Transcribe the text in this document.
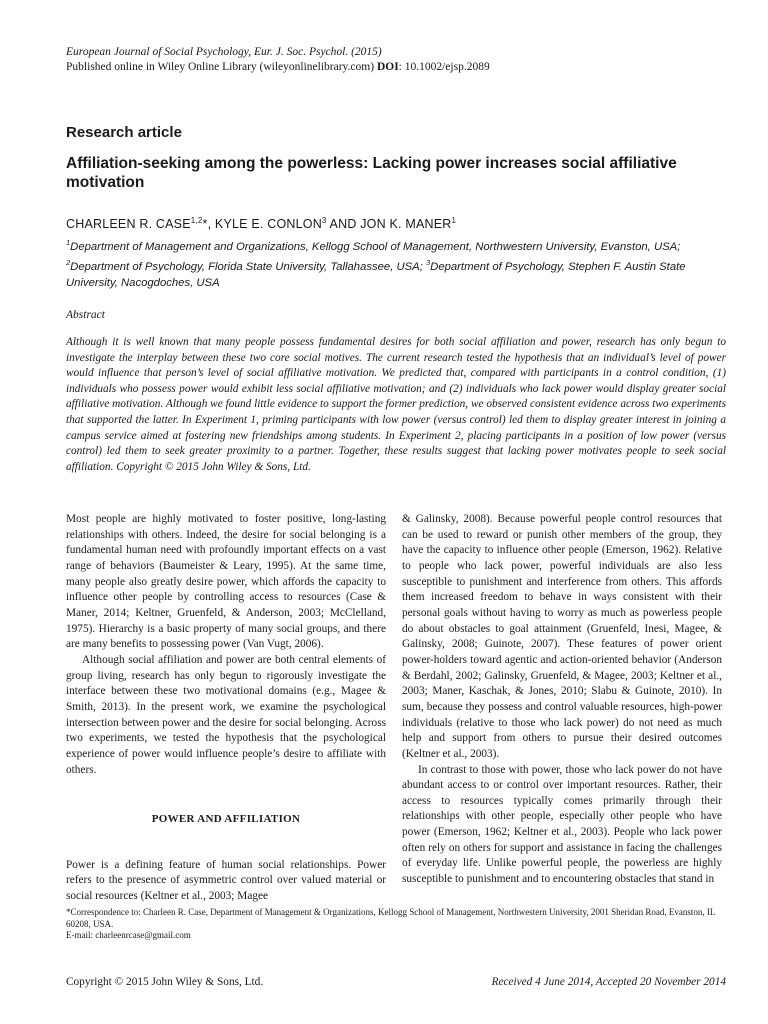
European Journal of Social Psychology, Eur. J. Soc. Psychol. (2015)
Published online in Wiley Online Library (wileyonlinelibrary.com) DOI: 10.1002/ejsp.2089
Research article
Affiliation-seeking among the powerless: Lacking power increases social affiliative motivation
CHARLEEN R. CASE$^{1,2}$*, KYLE E. CONLON$^3$ AND JON K. MANER$^1$
$^1$Department of Management and Organizations, Kellogg School of Management, Northwestern University, Evanston, USA; $^2$Department of Psychology, Florida State University, Tallahassee, USA; $^3$Department of Psychology, Stephen F. Austin State University, Nacogdoches, USA
Abstract
Although it is well known that many people possess fundamental desires for both social affiliation and power, research has only begun to investigate the interplay between these two core social motives. The current research tested the hypothesis that an individual’s level of power would influence that person’s level of social affiliative motivation. We predicted that, compared with participants in a control condition, (1) individuals who possess power would exhibit less social affiliative motivation; and (2) individuals who lack power would display greater social affiliative motivation. Although we found little evidence to support the former prediction, we observed consistent evidence across two experiments that supported the latter. In Experiment 1, priming participants with low power (versus control) led them to display greater interest in joining a campus service aimed at fostering new friendships among students. In Experiment 2, placing participants in a position of low power (versus control) led them to seek greater proximity to a partner. Together, these results suggest that lacking power motivates people to seek social affiliation. Copyright © 2015 John Wiley & Sons, Ltd.

Most people are highly motivated to foster positive, long-lasting relationships with others. Indeed, the desire for social belonging is a fundamental human need with profoundly important effects on a vast range of behaviors (Baumeister & Leary, 1995). At the same time, many people also greatly desire power, which affords the capacity to influence other people by controlling access to resources (Case & Maner, 2014; Keltner, Gruenfeld, & Anderson, 2003; McClelland, 1975). Hierarchy is a basic property of many social groups, and there are many benefits to possessing power (Van Vugt, 2006).

Although social affiliation and power are both central elements of group living, research has only begun to rigorously investigate the interface between these two motivational domains (e.g., Magee & Smith, 2013). In the present work, we examine the psychological intersection between power and the desire for social belonging. Across two experiments, we tested the hypothesis that the psychological experience of power would influence people’s desire to affiliate with others.

POWER AND AFFILIATION

Power is a defining feature of human social relationships. Power refers to the presence of asymmetric control over valued material or social resources (Keltner et al., 2003; Magee

& Galinsky, 2008). Because powerful people control resources that can be used to reward or punish other members of the group, they have the capacity to influence other people (Emerson, 1962). Relative to people who lack power, powerful individuals are also less susceptible to punishment and interference from others. This affords them increased freedom to behave in ways consistent with their personal goals without having to worry as much as powerless people do about obstacles to goal attainment (Gruenfeld, Inesi, Magee, & Galinsky, 2008; Guinote, 2007). These features of power orient power-holders toward agentic and action-oriented behavior (Anderson & Berdahl, 2002; Galinsky, Gruenfeld, & Magee, 2003; Keltner et al., 2003; Maner, Kaschak, & Jones, 2010; Slabu & Guinote, 2010). In sum, because they possess and control valuable resources, high-power individuals (relative to those who lack power) do not need as much help and support from others to pursue their desired outcomes (Keltner et al., 2003).

In contrast to those with power, those who lack power do not have abundant access to or control over important resources. Rather, their access to resources typically comes primarily through their relationships with other people, especially other people who have power (Emerson, 1962; Keltner et al., 2003). People who lack power often rely on others for support and assistance in facing the challenges of everyday life. Unlike powerful people, the powerless are highly susceptible to punishment and to encountering obstacles that stand in

*Correspondence to: Charleen R. Case, Department of Management & Organizations, Kellogg School of Management, Northwestern University, 2001 Sheridan Road, Evanston, IL 60208, USA.
E-mail: charleenrcase@gmail.com
Copyright © 2015 John Wiley & Sons, Ltd.	Received 4 June 2014, Accepted 20 November 2014
